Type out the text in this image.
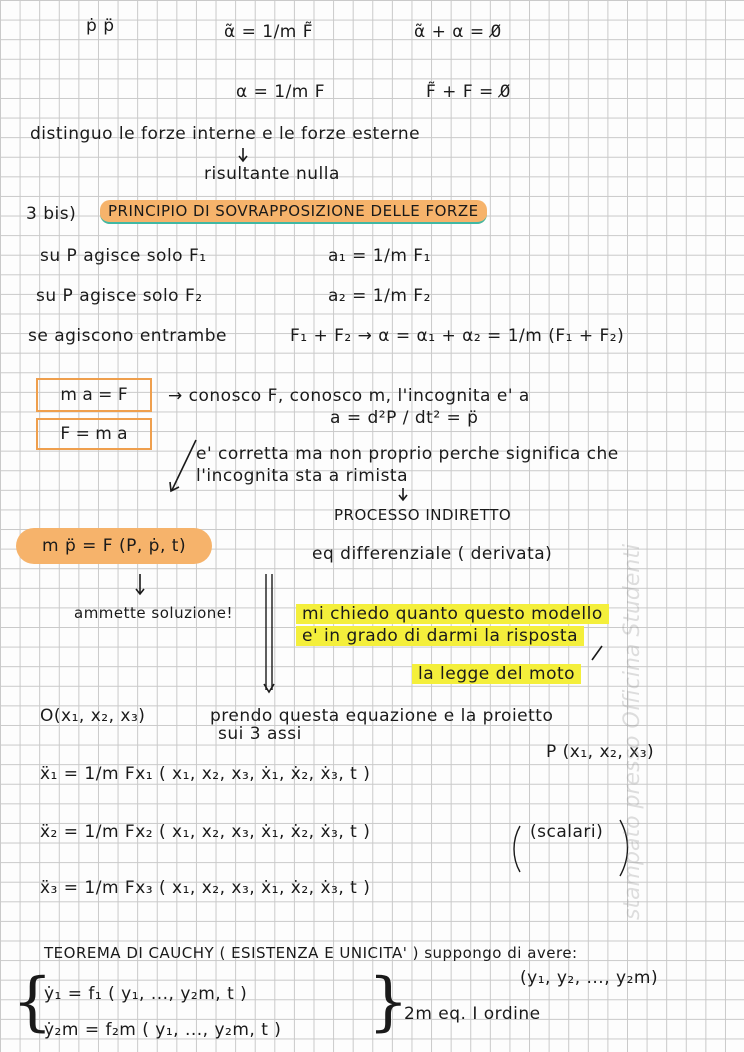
ṗ p̈	α̃ = 1/m F̃	α̃ + α = 0̸
α = 1/m F	F̃ + F = 0̸
distinguo le forze interne e le forze esterne
risultante nulla
3 bis)	PRINCIPIO DI SOVRAPPOSIZIONE DELLE FORZE
su P agisce solo F₁	a₁ = 1/m F₁
su P agisce solo F₂	a₂ = 1/m F₂
se agiscono entrambe	F₁ + F₂ → α = α₁ + α₂ = 1/m (F₁ + F₂)
m a = F
F = m a
→ conosco F, conosco m, l'incognita e' a
a = d²P / dt² = p̈
e' corretta ma non proprio perche significa che
l'incognita sta a rimista
PROCESSO INDIRETTO
m p̈ = F (P, ṗ, t)	eq differenziale ( derivata)
ammette soluzione!	mi chiedo quanto questo modello
e' in grado di darmi la risposta
la legge del moto
O(x₁, x₂, x₃)	prendo questa equazione e la proietto
sui 3 assi
P (x₁, x₂, x₃)
ẍ₁ = 1/m Fx₁ ( x₁, x₂, x₃, ẋ₁, ẋ₂, ẋ₃, t )
ẍ₂ = 1/m Fx₂ ( x₁, x₂, x₃, ẋ₁, ẋ₂, ẋ₃, t )	(scalari)
ẍ₃ = 1/m Fx₃ ( x₁, x₂, x₃, ẋ₁, ẋ₂, ẋ₃, t )
TEOREMA DI CAUCHY ( ESISTENZA E UNICITA' ) suppongo di avere:
(y₁, y₂, ..., y₂m)
{
ẏ₁ = f₁ ( y₁, ..., y₂m, t )
ẏ₂m = f₂m ( y₁, ..., y₂m, t ) }
2m eq. I ordine
stampato presso Officina Studenti
